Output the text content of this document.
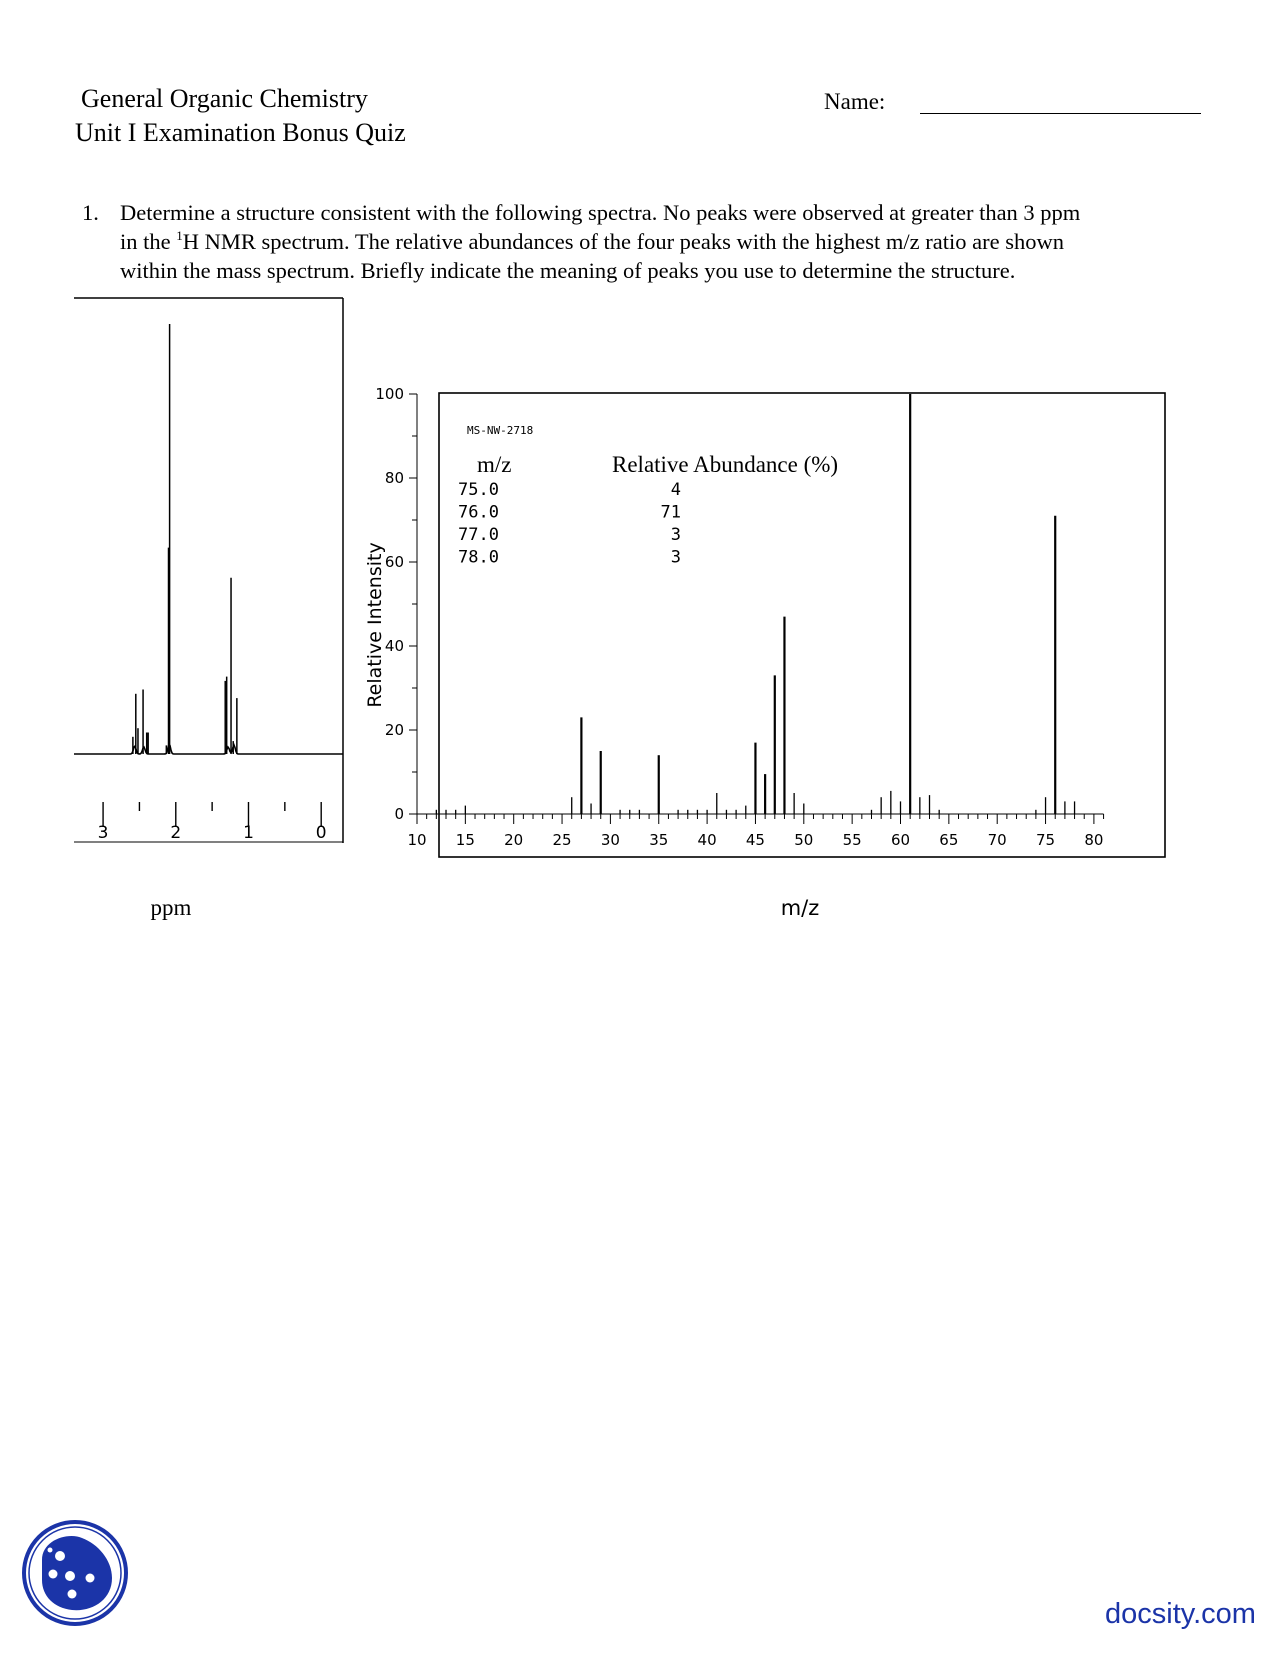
General Organic Chemistry
Unit I Examination Bonus Quiz
Name:
1. Determine a structure consistent with the following spectra. No peaks were observed at greater than 3 ppm

in the $^1$H NMR spectrum. The relative abundances of the four peaks with the highest m/z ratio are shown

within the mass spectrum. Briefly indicate the meaning of peaks you use to determine the structure.

3	2	1	0
ppm
0
20
40
60
80
100
10 15 20 25 30 35 40 45 50 55 60 65 70 75 80
MS-NW-2718
m/z	Relative Abundance (%)
75.0	4
76.0	71
77.0	3
78.0	3
Relative Intensity
m/z
docsity.com
